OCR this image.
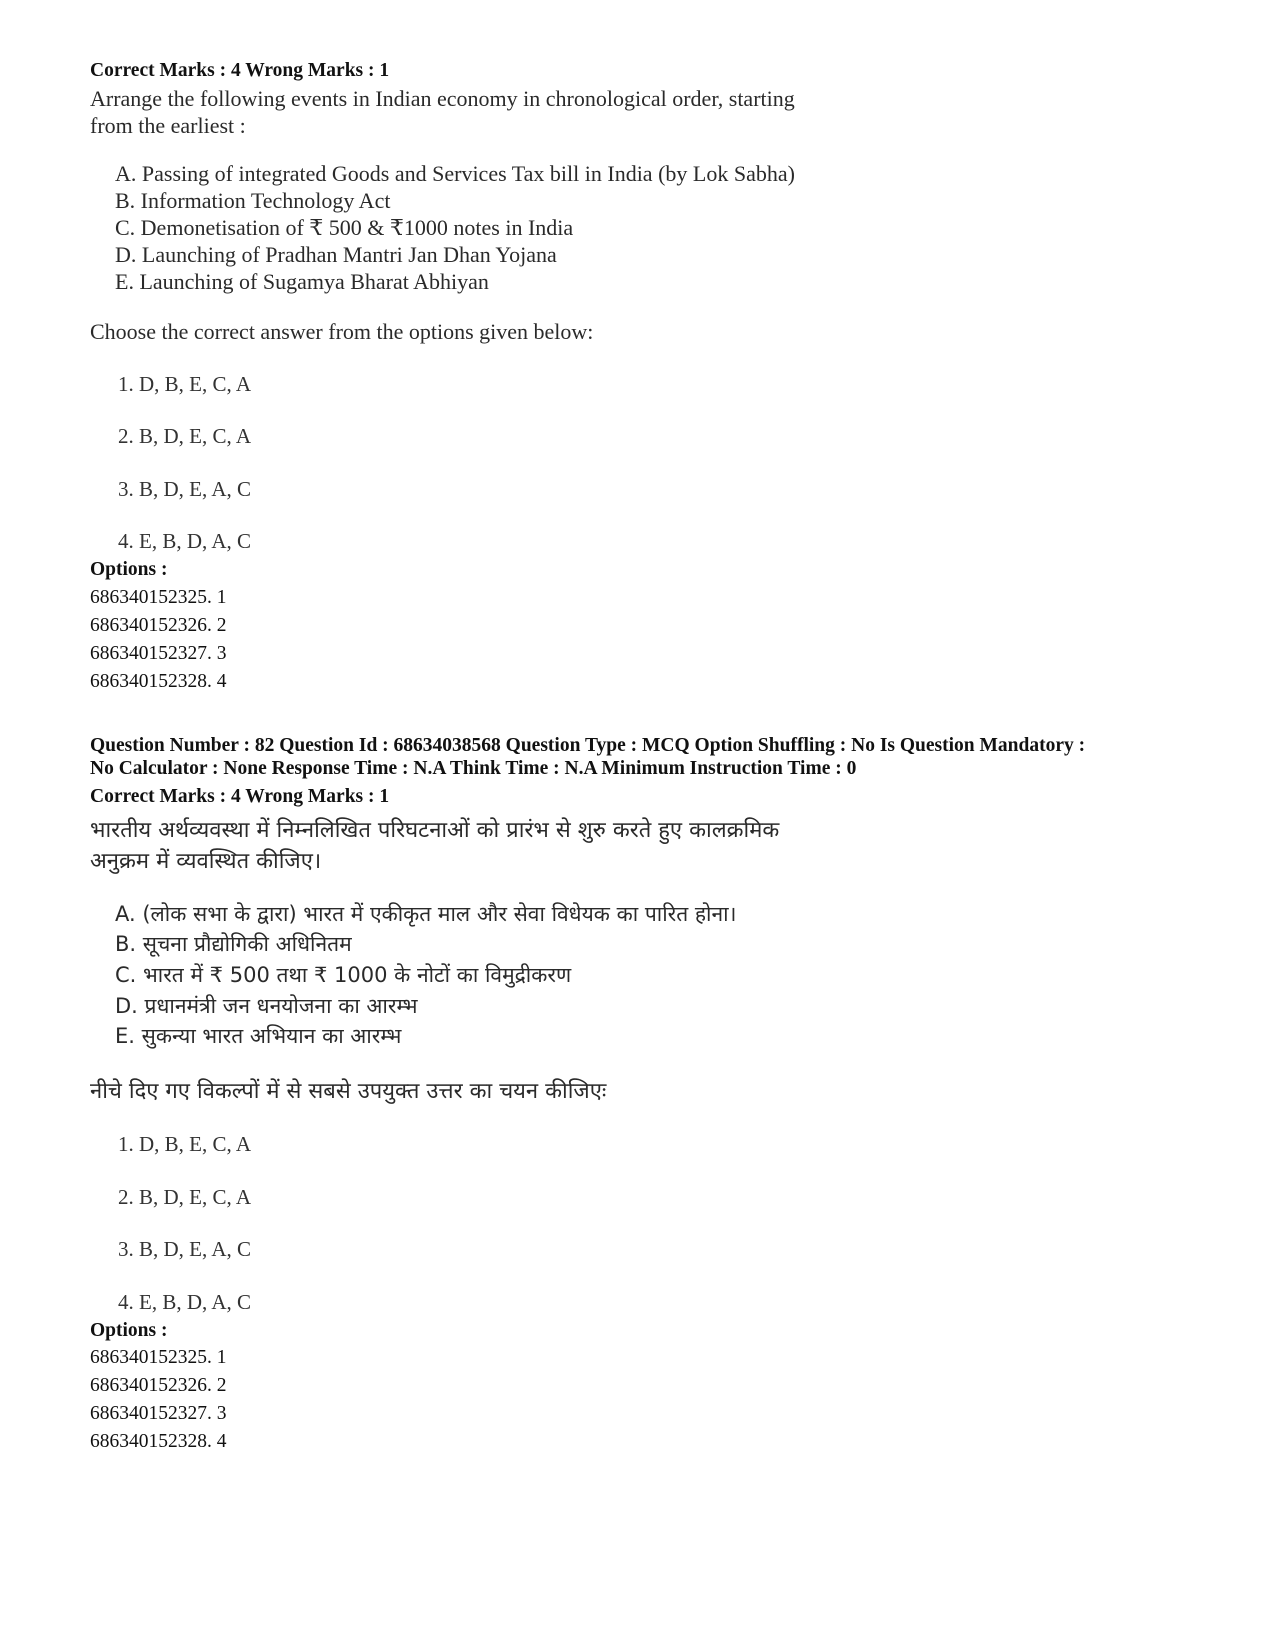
Correct Marks : 4 Wrong Marks : 1
Arrange the following events in Indian economy in chronological order, starting
from the earliest :
A. Passing of integrated Goods and Services Tax bill in India (by Lok Sabha)
B. Information Technology Act
C. Demonetisation of ₹ 500 & ₹1000 notes in India
D. Launching of Pradhan Mantri Jan Dhan Yojana
E. Launching of Sugamya Bharat Abhiyan
Choose the correct answer from the options given below:
1. D, B, E, C, A
2. B, D, E, C, A
3. B, D, E, A, C
4. E, B, D, A, C
Options :
686340152325. 1
686340152326. 2
686340152327. 3
686340152328. 4
Question Number : 82 Question Id : 68634038568 Question Type : MCQ Option Shuffling : No Is Question Mandatory :
No Calculator : None Response Time : N.A Think Time : N.A Minimum Instruction Time : 0
Correct Marks : 4 Wrong Marks : 1
भारतीय अर्थव्यवस्था में निम्नलिखित परिघटनाओं को प्रारंभ से शुरु करते हुए कालक्रमिक
अनुक्रम में व्यवस्थित कीजिए।
A. (लोक सभा के द्वारा) भारत में एकीकृत माल और सेवा विधेयक का पारित होना।
B. सूचना प्रौद्योगिकी अधिनितम
C. भारत में ₹ 500 तथा ₹ 1000 के नोटों का विमुद्रीकरण
D. प्रधानमंत्री जन धनयोजना का आरम्भ
E. सुकन्या भारत अभियान का आरम्भ
नीचे दिए गए विकल्पों में से सबसे उपयुक्त उत्तर का चयन कीजिएः
1. D, B, E, C, A
2. B, D, E, C, A
3. B, D, E, A, C
4. E, B, D, A, C
Options :
686340152325. 1
686340152326. 2
686340152327. 3
686340152328. 4
